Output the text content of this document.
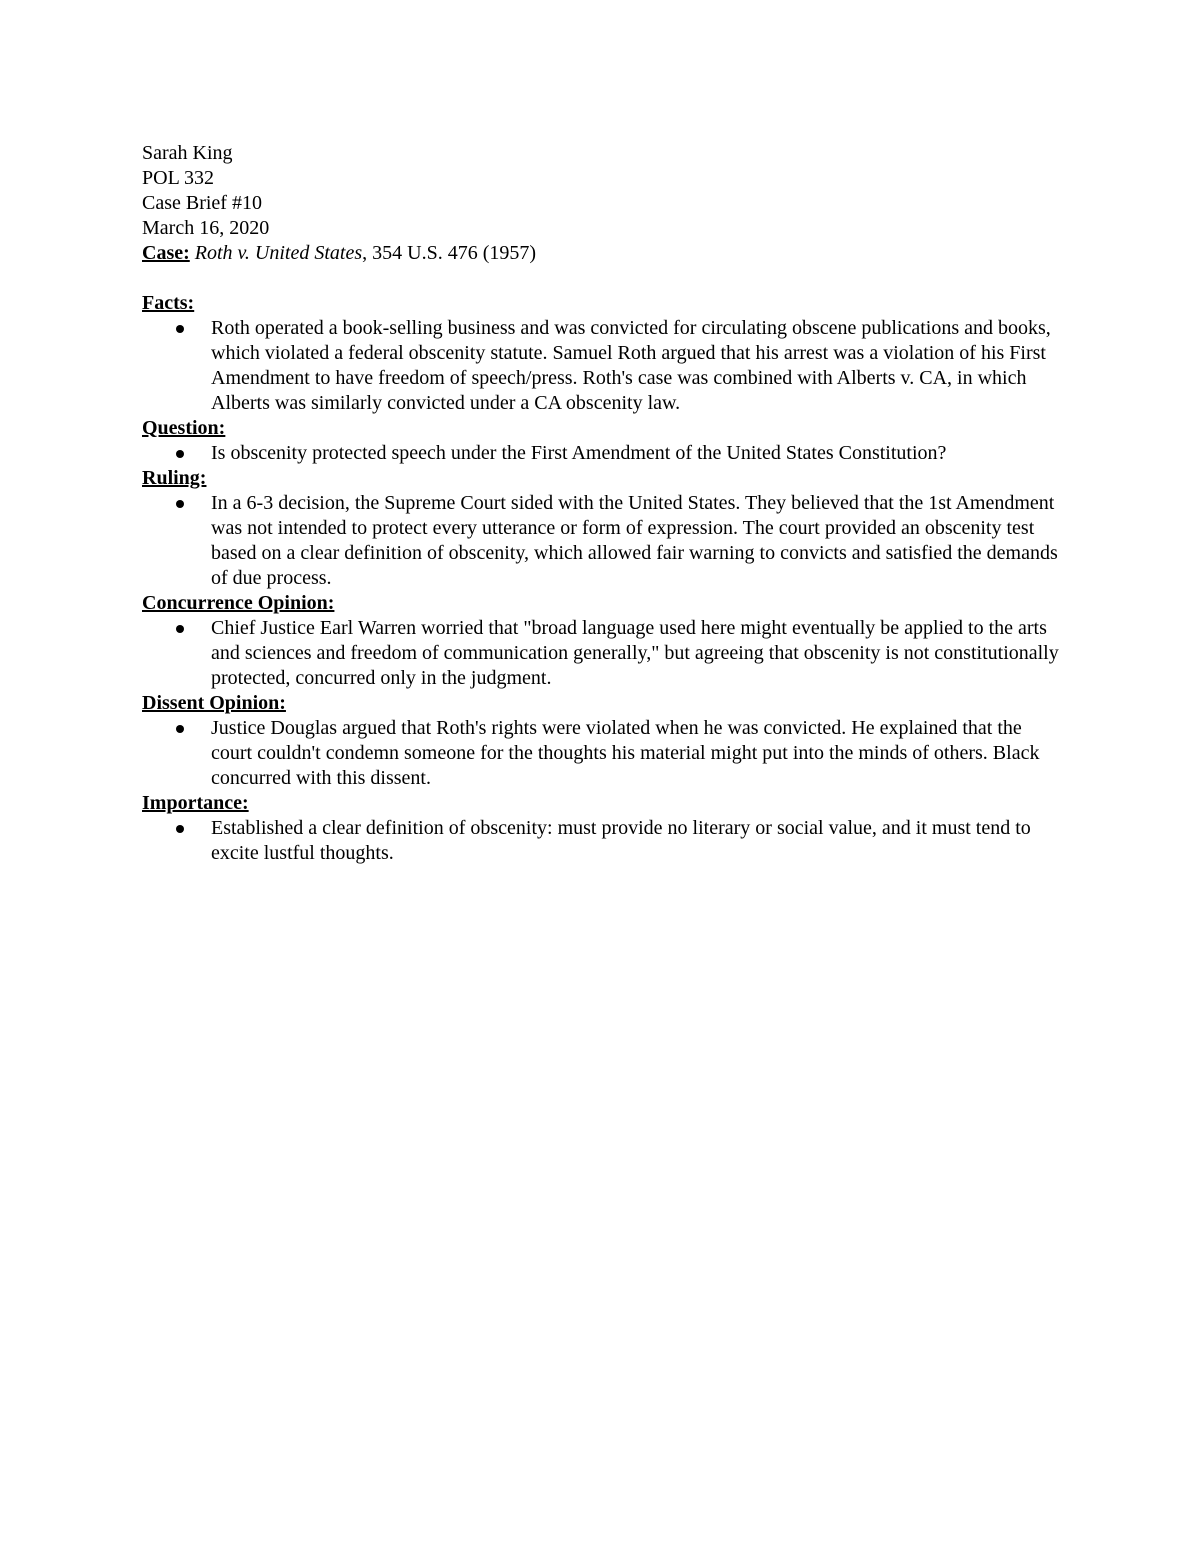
Sarah King

POL 332

Case Brief #10

March 16, 2020

Case: Roth v. United States, 354 U.S. 476 (1957)

Facts:

Roth operated a book-selling business and was convicted for circulating obscene publications and books, which violated a federal obscenity statute. Samuel Roth argued that his arrest was a violation of his First Amendment to have freedom of speech/press. Roth's case was combined with Alberts v. CA, in which Alberts was similarly convicted under a CA obscenity law.

Question:

Is obscenity protected speech under the First Amendment of the United States Constitution?

Ruling:

In a 6-3 decision, the Supreme Court sided with the United States. They believed that the 1st Amendment was not intended to protect every utterance or form of expression. The court provided an obscenity test based on a clear definition of obscenity, which allowed fair warning to convicts and satisfied the demands of due process.

Concurrence Opinion:

Chief Justice Earl Warren worried that "broad language used here might eventually be applied to the arts and sciences and freedom of communication generally," but agreeing that obscenity is not constitutionally protected, concurred only in the judgment.

Dissent Opinion:

Justice Douglas argued that Roth's rights were violated when he was convicted. He explained that the court couldn't condemn someone for the thoughts his material might put into the minds of others. Black concurred with this dissent.

Importance:

Established a clear definition of obscenity: must provide no literary or social value, and it must tend to excite lustful thoughts.
